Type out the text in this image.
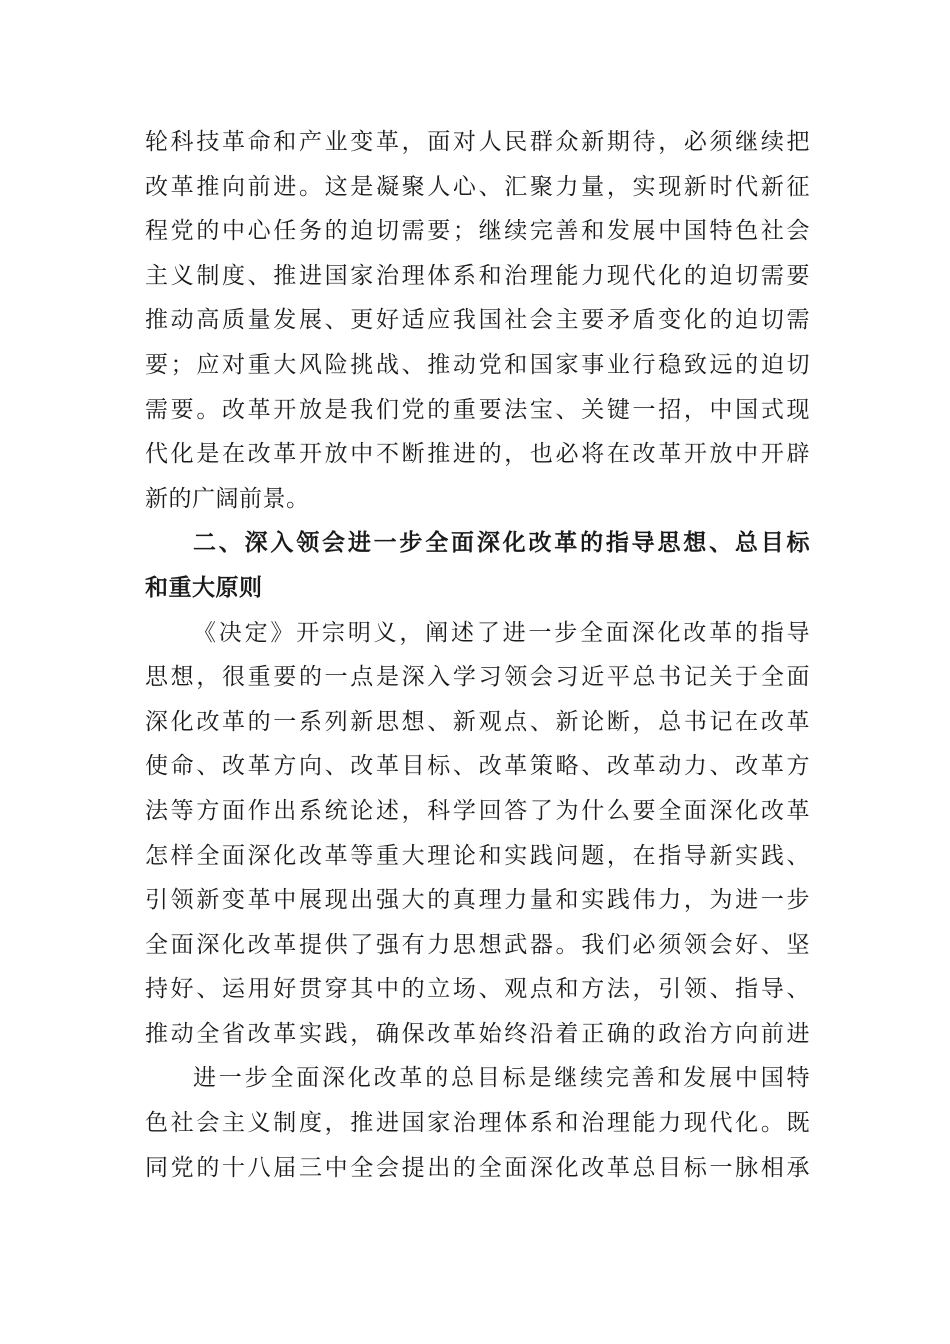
轮科技革命和产业变革，面对人民群众新期待，必须继续把
改革推向前进。这是凝聚人心、汇聚力量，实现新时代新征
程党的中心任务的迫切需要；继续完善和发展中国特色社会
主义制度、推进国家治理体系和治理能力现代化的迫切需要
推动高质量发展、更好适应我国社会主要矛盾变化的迫切需
要；应对重大风险挑战、推动党和国家事业行稳致远的迫切
需要。改革开放是我们党的重要法宝、关键一招，中国式现
代化是在改革开放中不断推进的，也必将在改革开放中开辟
新的广阔前景。
二、深入领会进一步全面深化改革的指导思想、总目标
和重大原则
《决定》开宗明义，阐述了进一步全面深化改革的指导
思想，很重要的一点是深入学习领会习近平总书记关于全面
深化改革的一系列新思想、新观点、新论断，总书记在改革
使命、改革方向、改革目标、改革策略、改革动力、改革方
法等方面作出系统论述，科学回答了为什么要全面深化改革
怎样全面深化改革等重大理论和实践问题，在指导新实践、
引领新变革中展现出强大的真理力量和实践伟力，为进一步
全面深化改革提供了强有力思想武器。我们必须领会好、坚
持好、运用好贯穿其中的立场、观点和方法，引领、指导、
推动全省改革实践，确保改革始终沿着正确的政治方向前进
进一步全面深化改革的总目标是继续完善和发展中国特
色社会主义制度，推进国家治理体系和治理能力现代化。既
同党的十八届三中全会提出的全面深化改革总目标一脉相承
